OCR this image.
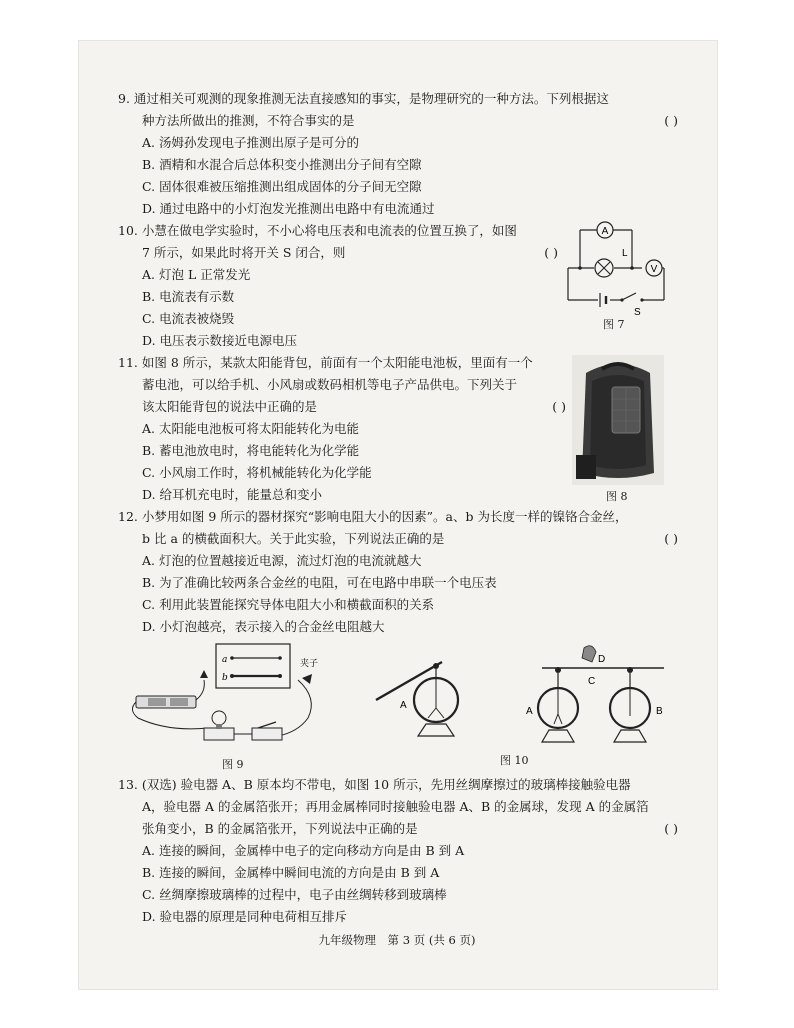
9. 通过相关可观测的现象推测无法直接感知的事实，是物理研究的一种方法。下列根据这
种方法所做出的推测，不符合事实的是	( )
A. 汤姆孙发现电子推测出原子是可分的
B. 酒精和水混合后总体积变小推测出分子间有空隙
C. 固体很难被压缩推测出组成固体的分子间无空隙
D. 通过电路中的小灯泡发光推测出电路中有电流通过
10. 小慧在做电学实验时，不小心将电压表和电流表的位置互换了，如图
7 所示，如果此时将开关 S 闭合，则	( )
A. 灯泡 L 正常发光
B. 电流表有示数
C. 电流表被烧毁
D. 电压表示数接近电源电压
A
L
V
S
图 7
11. 如图 8 所示，某款太阳能背包，前面有一个太阳能电池板，里面有一个
蓄电池，可以给手机、小风扇或数码相机等电子产品供电。下列关于
该太阳能背包的说法中正确的是	( )
A. 太阳能电池板可将太阳能转化为电能
B. 蓄电池放电时，将电能转化为化学能
C. 小风扇工作时，将机械能转化为化学能
D. 给耳机充电时，能量总和变小	图 8
12. 小梦用如图 9 所示的器材探究“影响电阻大小的因素”。a、b 为长度一样的镍铬合金丝，
b 比 a 的横截面积大。关于此实验，下列说法正确的是	( )
A. 灯泡的位置越接近电源，流过灯泡的电流就越大
B. 为了准确比较两条合金丝的电阻，可在电路中串联一个电压表
C. 利用此装置能探究导体电阻大小和横截面积的关系
D. 小灯泡越亮，表示接入的合金丝电阻越大
a
b
夹子
图 9
A
D
C
A	B
图 10
13. (双选) 验电器 A、B 原本均不带电，如图 10 所示，先用丝绸摩擦过的玻璃棒接触验电器
A，验电器 A 的金属箔张开；再用金属棒同时接触验电器 A、B 的金属球，发现 A 的金属箔
张角变小，B 的金属箔张开，下列说法中正确的是	( )
A. 连接的瞬间，金属棒中电子的定向移动方向是由 B 到 A
B. 连接的瞬间，金属棒中瞬间电流的方向是由 B 到 A
C. 丝绸摩擦玻璃棒的过程中，电子由丝绸转移到玻璃棒
D. 验电器的原理是同种电荷相互排斥
九年级物理　第 3 页 (共 6 页)
